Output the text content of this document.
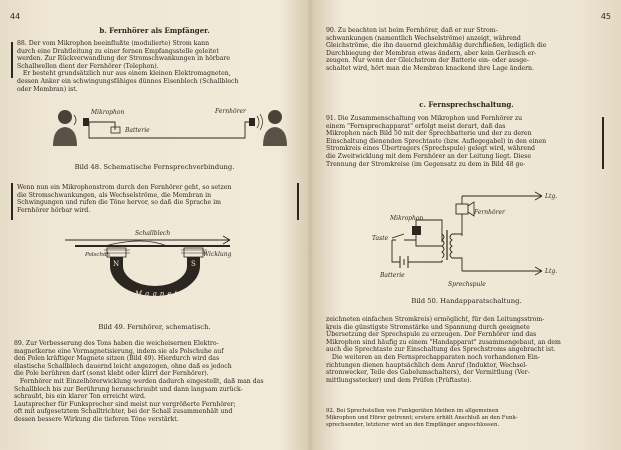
44
b. Fernhörer als Empfänger.

88. Der vom Mikrophon beeinflußte (modulierte) Strom kann
durch eine Drahtleitung zu einer fernen Empfangsstelle geleitet
werden. Zur Rückverwandlung der Stromschwankungen in hörbare
Schallwellen dient der Fernhörer (Telephon).
Er besteht grundsätzlich nur aus einem kleinen Elektromagneten,
dessen Anker ein schwingungsfähiges dünnes Eisenblech (Schallblech
oder Membran) ist.

Batterie
Mikrophon	Fernhörer
Bild 48. Schematische Fernsprechverbindung.

Wenn nun ein Mikrophonstrom durch den Fernhörer geht, so setzen
die Stromschwankungen, als Wechselströme, die Membran in
Schwingungen und rufen die Töne hervor, so daß die Sprache im
Fernhörer hörbar wird.

Schallblech
Wicklung
Polschuh
N	S
Magnet
Bild 49. Fernhörer, schematisch.

89. Zur Verbesserung des Tons haben die weicheisernen Elektro-
magnetkerne eine Vormagnetisierung, indem sie als Polschuhe auf
den Polen kräftiger Magnete sitzen (Bild 49). Hierdurch wird das
elastische Schallblech dauernd leicht angezogen, ohne daß es jedoch
die Pole berühren darf (sonst klebt oder klirrt der Fernhörer).
Fernhörer mit Einzelhörerwicklung werden dadurch eingestellt, daß man das
Schallblech bis zur Berührung heranschraubt und dann langsam zurück-
schraubt, bis ein klarer Ton erreicht wird.
Lautsprecher für Funksprecher sind meist nur vergrößerte Fernhörer;
oft mit aufgesetztem Schalltrichter, bei der Schall zusammenhält und
dessen bessere Wirkung die tieferen Töne verstärkt.

45

90. Zu beachten ist beim Fernhörer, daß er nur Strom-
schwankungen (namentlich Wechselströme) anzeigt, während
Gleichströme, die ihn dauernd gleichmäßig durchfließen, lediglich die
Durchbiegung der Membran etwas ändern, aber kein Geräusch er-
zeugen. Nur wenn der Gleichstrom der Batterie ein- oder ausge-
schaltet wird, hört man die Membran knackend ihre Lage ändern.

c. Fernsprechschaltung.

91. Die Zusammenschaltung von Mikrophon und Fernhörer zu
einem "Fernsprechapparat" erfolgt meist derart, daß das
Mikrophon nach Bild 50 mit der Sprechbatterie und der zu deren
Einschaltung dienenden Sprechtaste (bzw. Auflegegabel) in den einen
Stromkreis eines Übertragers (Sprechspule) gelegt wird, während
die Zweitwicklung mit dem Fernhörer an der Leitung liegt. Diese
Trennung der Stromkreise (im Gegensatz zu dem in Bild 48 ge-

Ltg.
Fernhörer
Mikrophon
Ltg.
Taste
Batterie
Sprechspule
Bild 50. Handapparatschaltung.

zeichneten einfachen Stromkreis) ermöglicht, für den Leitungsstrom-
kreis die günstigste Stromstärke und Spannung durch geeignete
Übersetzung der Sprechspule zu erzeugen. Der Fernhörer und das
Mikrophon sind häufig zu einem "Handapparat" zusammengebaut, an dem
auch die Sprechtaste zur Einschaltung des Sprechstroms angebracht ist.
Die weiteren an den Fernsprechapparaten noch vorhandenen Ein-
richtungen dienen hauptsächlich dem Anruf (Induktor, Wechsel-
stromwecker, Teile des Gabelumschalters), der Vermittlung (Ver-
mittlungsstecker) und dem Prüfen (Prüftaste).

92. Bei Sprechstellen von Funkgeräten bleiben im allgemeinen
Mikrophon und Hörer getrennt; erstere erhält Anschluß an den Funk-
sprechsender, letzterer wird an den Empfänger angeschlossen.
